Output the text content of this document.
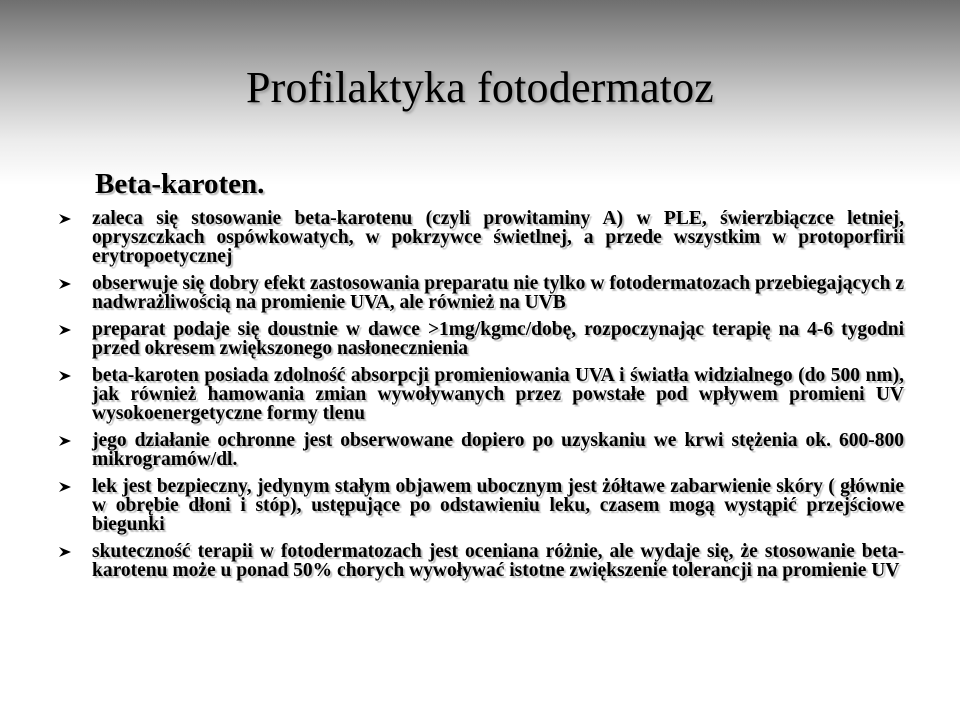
Profilaktyka fotodermatoz
Beta-karoten.
zaleca się stosowanie beta-karotenu (czyli prowitaminy A) w PLE, świerzbiączce letniej, opryszczkach ospówkowatych, w pokrzywce świetlnej, a przede wszystkim w protoporfirii erytropoetycznej
obserwuje się dobry efekt zastosowania preparatu nie tylko w fotodermatozach przebiegających z nadwrażliwością na promienie UVA, ale również na UVB
preparat podaje się doustnie w dawce >1mg/kgmc/dobę, rozpoczynając terapię na 4-6 tygodni przed okresem zwiększonego nasłonecznienia
beta-karoten posiada zdolność absorpcji promieniowania UVA i światła widzialnego (do 500 nm), jak również hamowania zmian wywoływanych przez powstałe pod wpływem promieni UV wysokoenergetyczne formy tlenu
jego działanie ochronne jest obserwowane dopiero po uzyskaniu we krwi stężenia ok. 600-800 mikrogramów/dl.
lek jest bezpieczny, jedynym stałym objawem ubocznym jest żółtawe zabarwienie skóry ( głównie w obrębie dłoni i stóp), ustępujące po odstawieniu leku, czasem mogą wystąpić przejściowe biegunki
skuteczność terapii w fotodermatozach jest oceniana różnie, ale wydaje się, że stosowanie beta-karotenu może u ponad 50% chorych wywoływać istotne zwiększenie tolerancji na promienie UV
